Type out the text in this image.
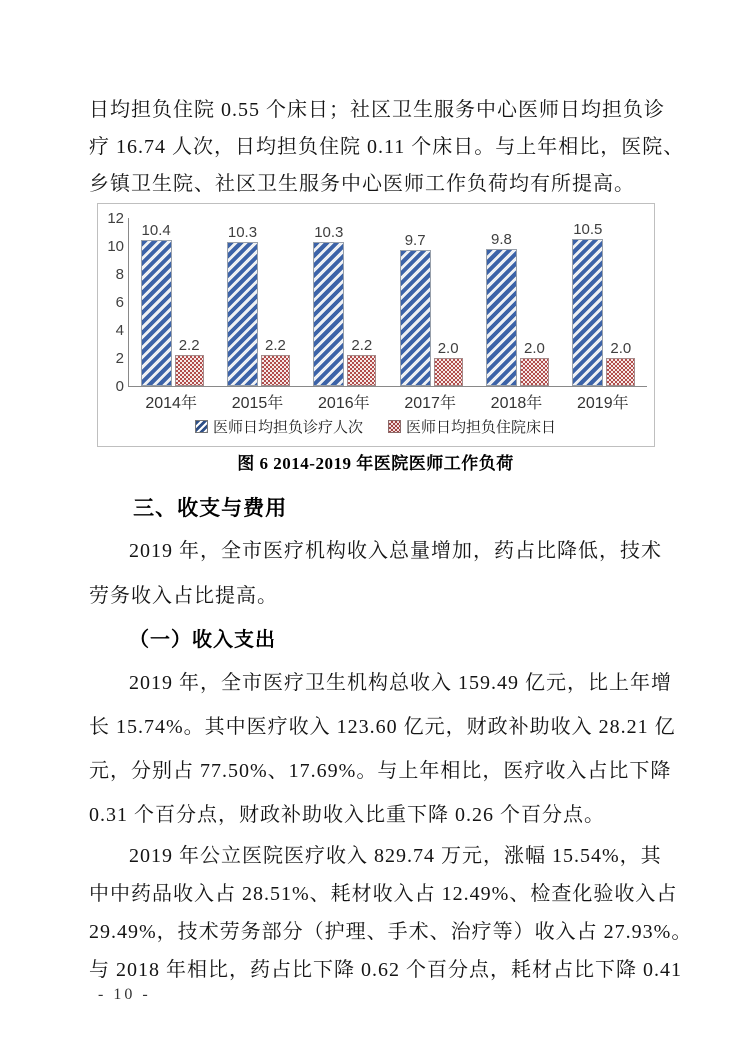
日均担负住院 0.55 个床日；社区卫生服务中心医师日均担负诊
疗 16.74 人次，日均担负住院 0.11 个床日。与上年相比，医院、
乡镇卫生院、社区卫生服务中心医师工作负荷均有所提高。
12
10
8
6
4
2
0
10.4
2.2
10.3
2.2
10.3
2.2
9.7
2.0
9.8
2.0
10.5
2.0
2014年	2015年	2016年	2017年	2018年	2019年
医师日均担负诊疗人次	医师日均担负住院床日
图 6 2014-2019 年医院医师工作负荷
三、收支与费用
2019 年，全市医疗机构收入总量增加，药占比降低，技术
劳务收入占比提高。
（一）收入支出
2019 年，全市医疗卫生机构总收入 159.49 亿元，比上年增
长 15.74%。其中医疗收入 123.60 亿元，财政补助收入 28.21 亿
元，分别占 77.50%、17.69%。与上年相比，医疗收入占比下降
0.31 个百分点，财政补助收入比重下降 0.26 个百分点。
2019 年公立医院医疗收入 829.74 万元，涨幅 15.54%，其
中中药品收入占 28.51%、耗材收入占 12.49%、检查化验收入占
29.49%，技术劳务部分（护理、手术、治疗等）收入占 27.93%。
与 2018 年相比，药占比下降 0.62 个百分点，耗材占比下降 0.41
- 10 -
